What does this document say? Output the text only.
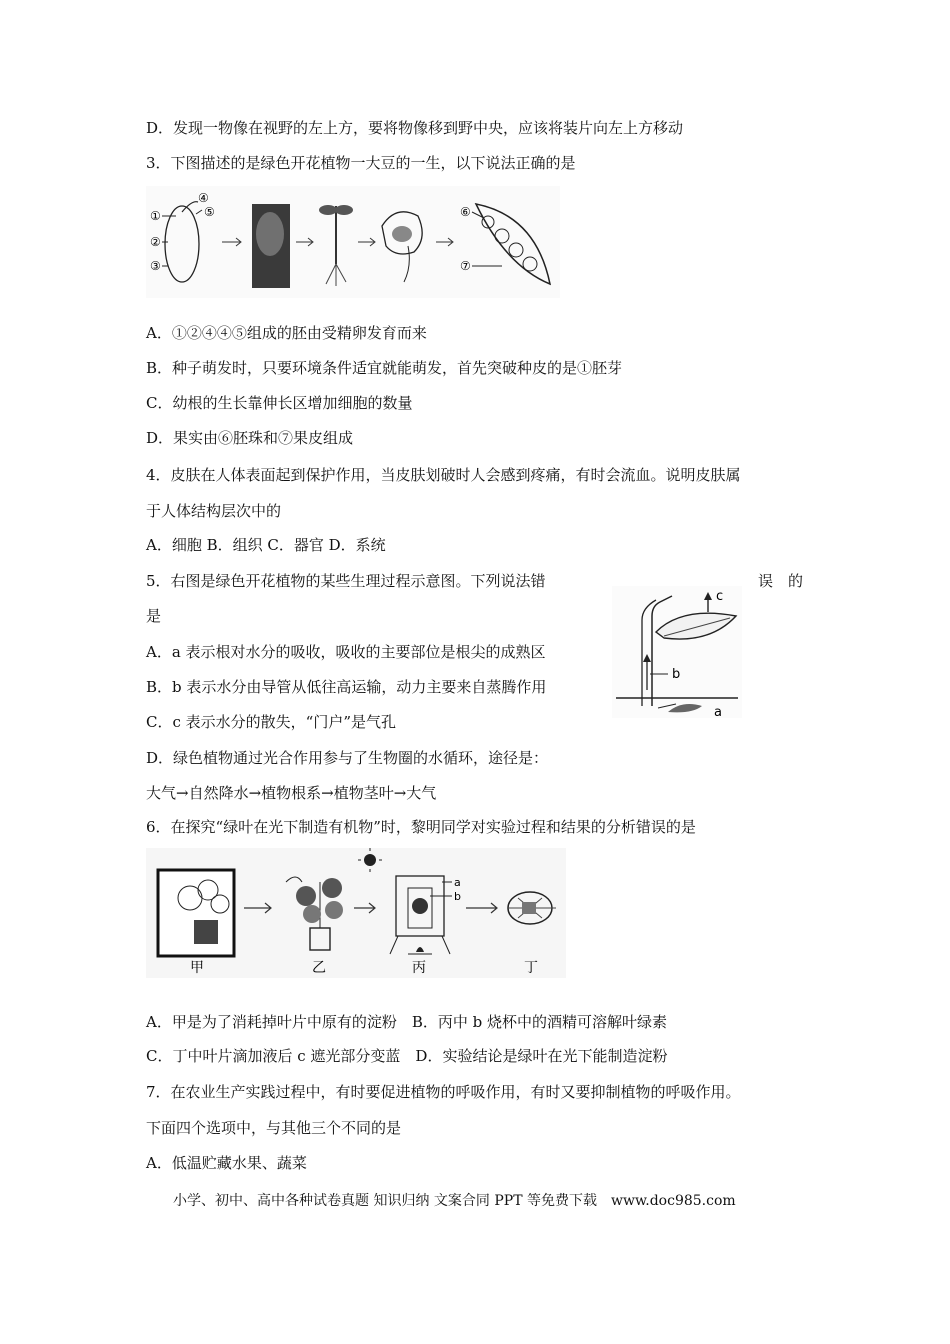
D．发现一物像在视野的左上方，要将物像移到野中央，应该将装片向左上方移动
3．下图描述的是绿色开花植物一大豆的一生，以下说法正确的是
①
②
③
④
⑤	⑥
⑦
A．①②④④⑤组成的胚由受精卵发育而来
B．种子萌发时，只要环境条件适宜就能萌发，首先突破种皮的是①胚芽
C．幼根的生长靠伸长区增加细胞的数量
D．果实由⑥胚珠和⑦果皮组成
4．皮肤在人体表面起到保护作用，当皮肤划破时人会感到疼痛，有时会流血。说明皮肤属
于人体结构层次中的
A．细胞 B．组织 C．器官 D．系统
5．右图是绿色开花植物的某些生理过程示意图。下列说法错	误　的
是
c
b
a
A．a 表示根对水分的吸收，吸收的主要部位是根尖的成熟区
B．b 表示水分由导管从低往高运输，动力主要来自蒸腾作用
C．c 表示水分的散失，“门户”是气孔
D．绿色植物通过光合作用参与了生物圈的水循环，途径是：
大气→自然降水→植物根系→植物茎叶→大气
6．在探究“绿叶在光下制造有机物”时，黎明同学对实验过程和结果的分析错误的是
甲	乙
a
b
丙	丁
A．甲是为了消耗掉叶片中原有的淀粉　B．丙中 b 烧杯中的酒精可溶解叶绿素
C．丁中叶片滴加液后 c 遮光部分变蓝　D．实验结论是绿叶在光下能制造淀粉
7．在农业生产实践过程中，有时要促进植物的呼吸作用，有时又要抑制植物的呼吸作用。
下面四个选项中，与其他三个不同的是
A．低温贮藏水果、蔬菜
小学、初中、高中各种试卷真题 知识归纳 文案合同 PPT 等免费下载　www.doc985.com
